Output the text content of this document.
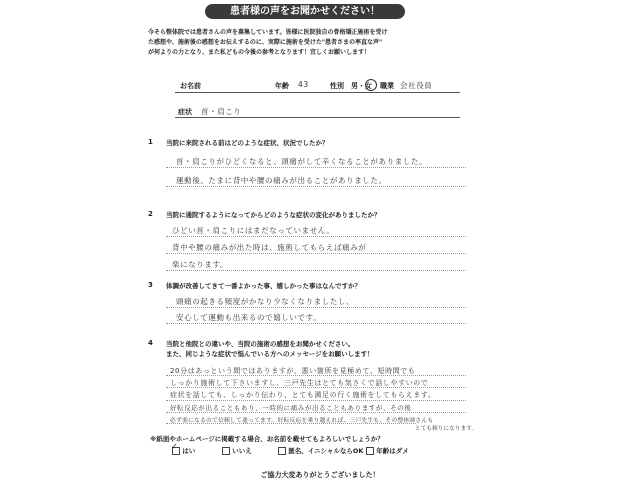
患者様の声をお聞かせください！
今そら整体院では患者さんの声を募集しています。皆様に医院独自の骨格矯正施術を受け
た感想や、施術後の感想をお伝えするのに、実際に施術を受けた"患者さまの率直な声"
が何よりの力となり、また私どもの今後の参考となります！宜しくお願いします！
お名前	年齢 43	性別 男・女 職業 会社役員
症状 首・肩こり
1 当院に来院される前はどのような症状、状況でしたか？
首・肩こりがひどくなると、頭痛がして辛くなることがありました。
運動後、たまに背中や腰の痛みが出ることがありました。
2 当院に通院するようになってからどのような症状の変化がありましたか？
ひどい首・肩こりにはまだなっていません。
背中や腰の痛みが出た時は、施術してもらえば痛みが
楽になります。
3 体調が改善してきて一番よかった事、嬉しかった事はなんですか？
頭痛の起きる頻度がかなり少なくなりましたし、
安心して運動も出来るので嬉しいです。
4 当院と他院との違いや、当院の施術の感想をお聞かせください。
また、同じような症状で悩んでいる方へのメッセージをお願いします！
20分はあっという間ではありますが、悪い箇所を見極めて、短時間でも
しっかり施術して下さいますし、三戸先生はとても気さくで話しやすいので
症状を話しても、しっかり伝わり、とても満足の行く施術をしてもらえます。
好転反応が出ることもあり、一時的に痛みが出ることもありますが、その後
必ず楽になるので信頼して通ってます。好転反応を乗り越えれば、三戸先生も、その整体師さんも
とても頼りになります。
※紙面やホームページに掲載する場合、お名前を載せてもよろしいでしょうか？
はい
✓	いいえ	匿名、イニシャルならOK	年齢はダメ
ご協力大変ありがとうございました！
